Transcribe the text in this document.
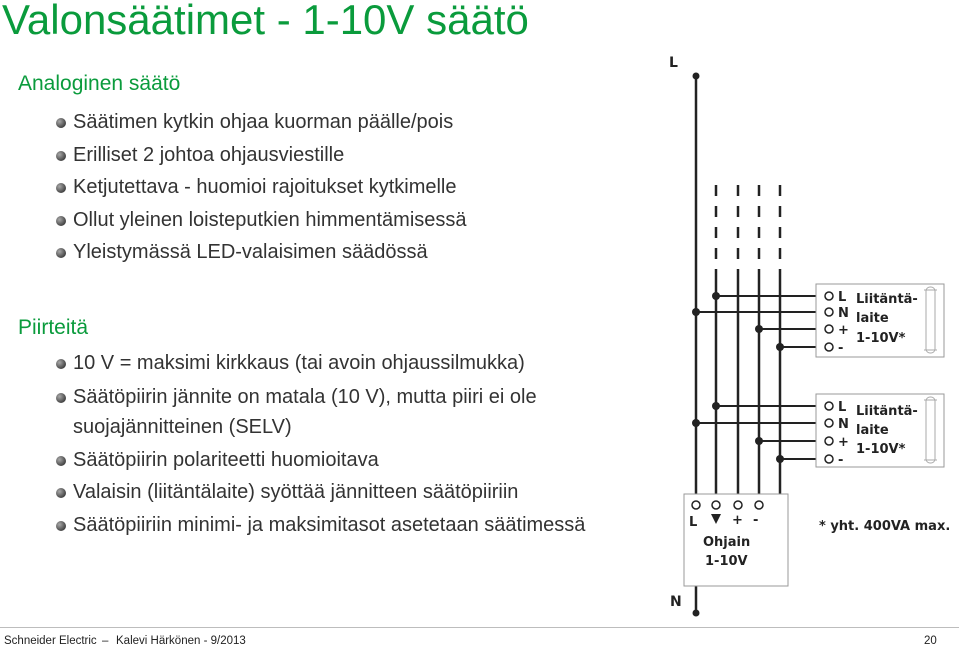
Valonsäätimet - 1-10V säätö
Analoginen säätö
Säätimen kytkin ohjaa kuorman päälle/pois
Erilliset 2 johtoa ohjausviestille
Ketjutettava - huomioi rajoitukset kytkimelle
Ollut yleinen loisteputkien himmentämisessä
Yleistymässä LED-valaisimen säädössä
Piirteitä
10 V = maksimi kirkkaus (tai avoin ohjaussilmukka)
Säätöpiirin jännite on matala (10 V), mutta piiri ei ole
suojajännitteinen (SELV)
Säätöpiirin polariteetti huomioitava
Valaisin (liitäntälaite) syöttää jännitteen säätöpiiriin
Säätöpiiriin minimi- ja maksimitasot asetetaan säätimessä
L
L
N
+
-
Liitäntä-
laite
1-10V*
L
N
+
-
Liitäntä-
laite
1-10V*
L	+ -
Ohjain
1-10V
* yht. 400VA max.
N
Schneider Electric – Kalevi Härkönen - 9/2013	20
